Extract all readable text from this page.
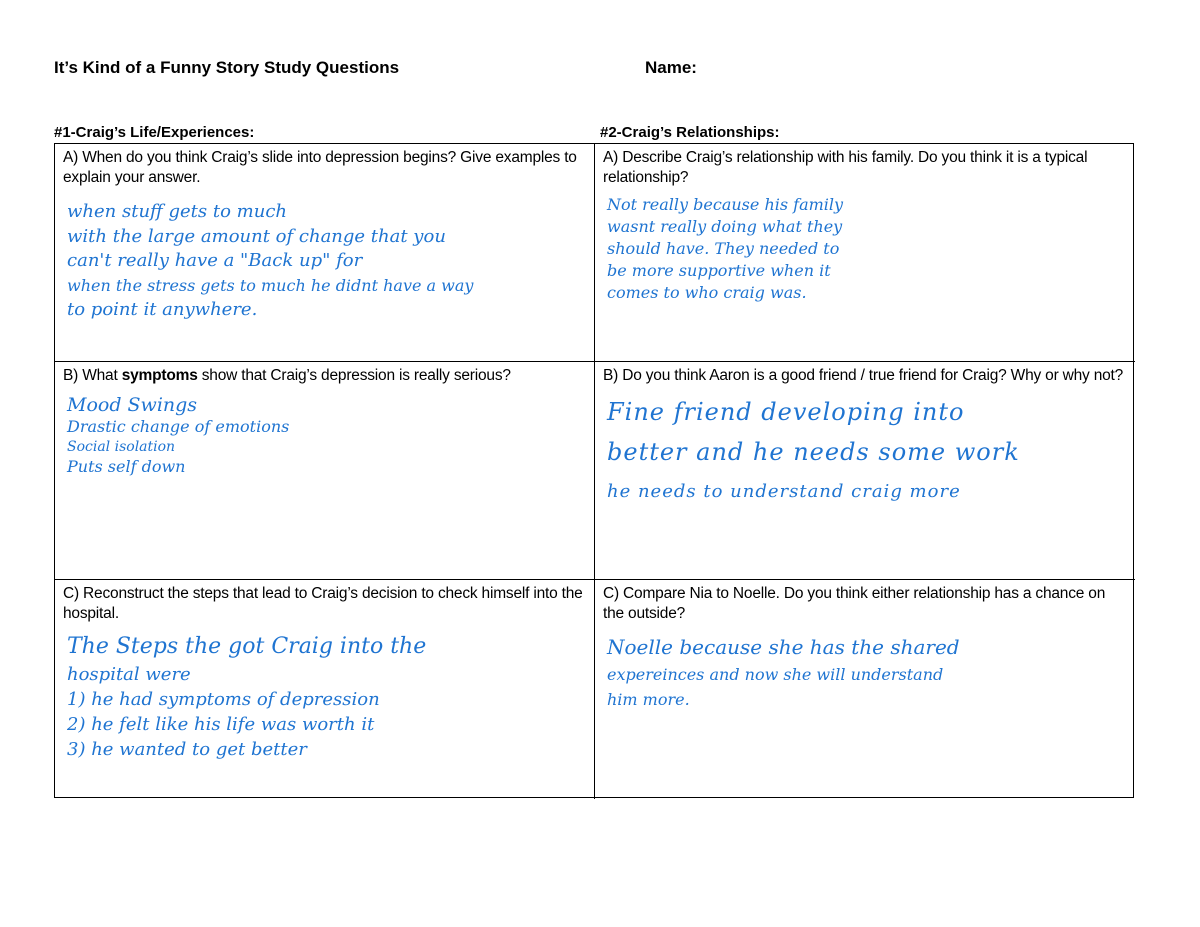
It’s Kind of a Funny Story Study Questions	Name:
#1-Craig’s Life/Experiences:	#2-Craig’s Relationships:

A) When do you think Craig’s slide into depression begins? Give examples to explain your answer.

when stuff gets to much
with the large amount of change that you
can't really have a "Back up" for
when the stress gets to much he didnt have a way
to point it anywhere.

A) Describe Craig’s relationship with his family. Do you think it is a typical relationship?

Not really because his family
wasnt really doing what they
should have. They needed to
be more supportive when it
comes to who craig was.

B) What symptoms show that Craig’s depression is really serious?

Mood Swings
Drastic change of emotions
Social isolation
Puts self down

B) Do you think Aaron is a good friend / true friend for Craig? Why or why not?

Fine friend developing into
better and he needs some work
he needs to understand craig more

C) Reconstruct the steps that lead to Craig’s decision to check himself into the hospital.

The Steps the got Craig into the
hospital were
1) he had symptoms of depression
2) he felt like his life was worth it
3) he wanted to get better

C) Compare Nia to Noelle. Do you think either relationship has a chance on the outside?

Noelle because she has the shared
expereinces and now she will understand
him more.
